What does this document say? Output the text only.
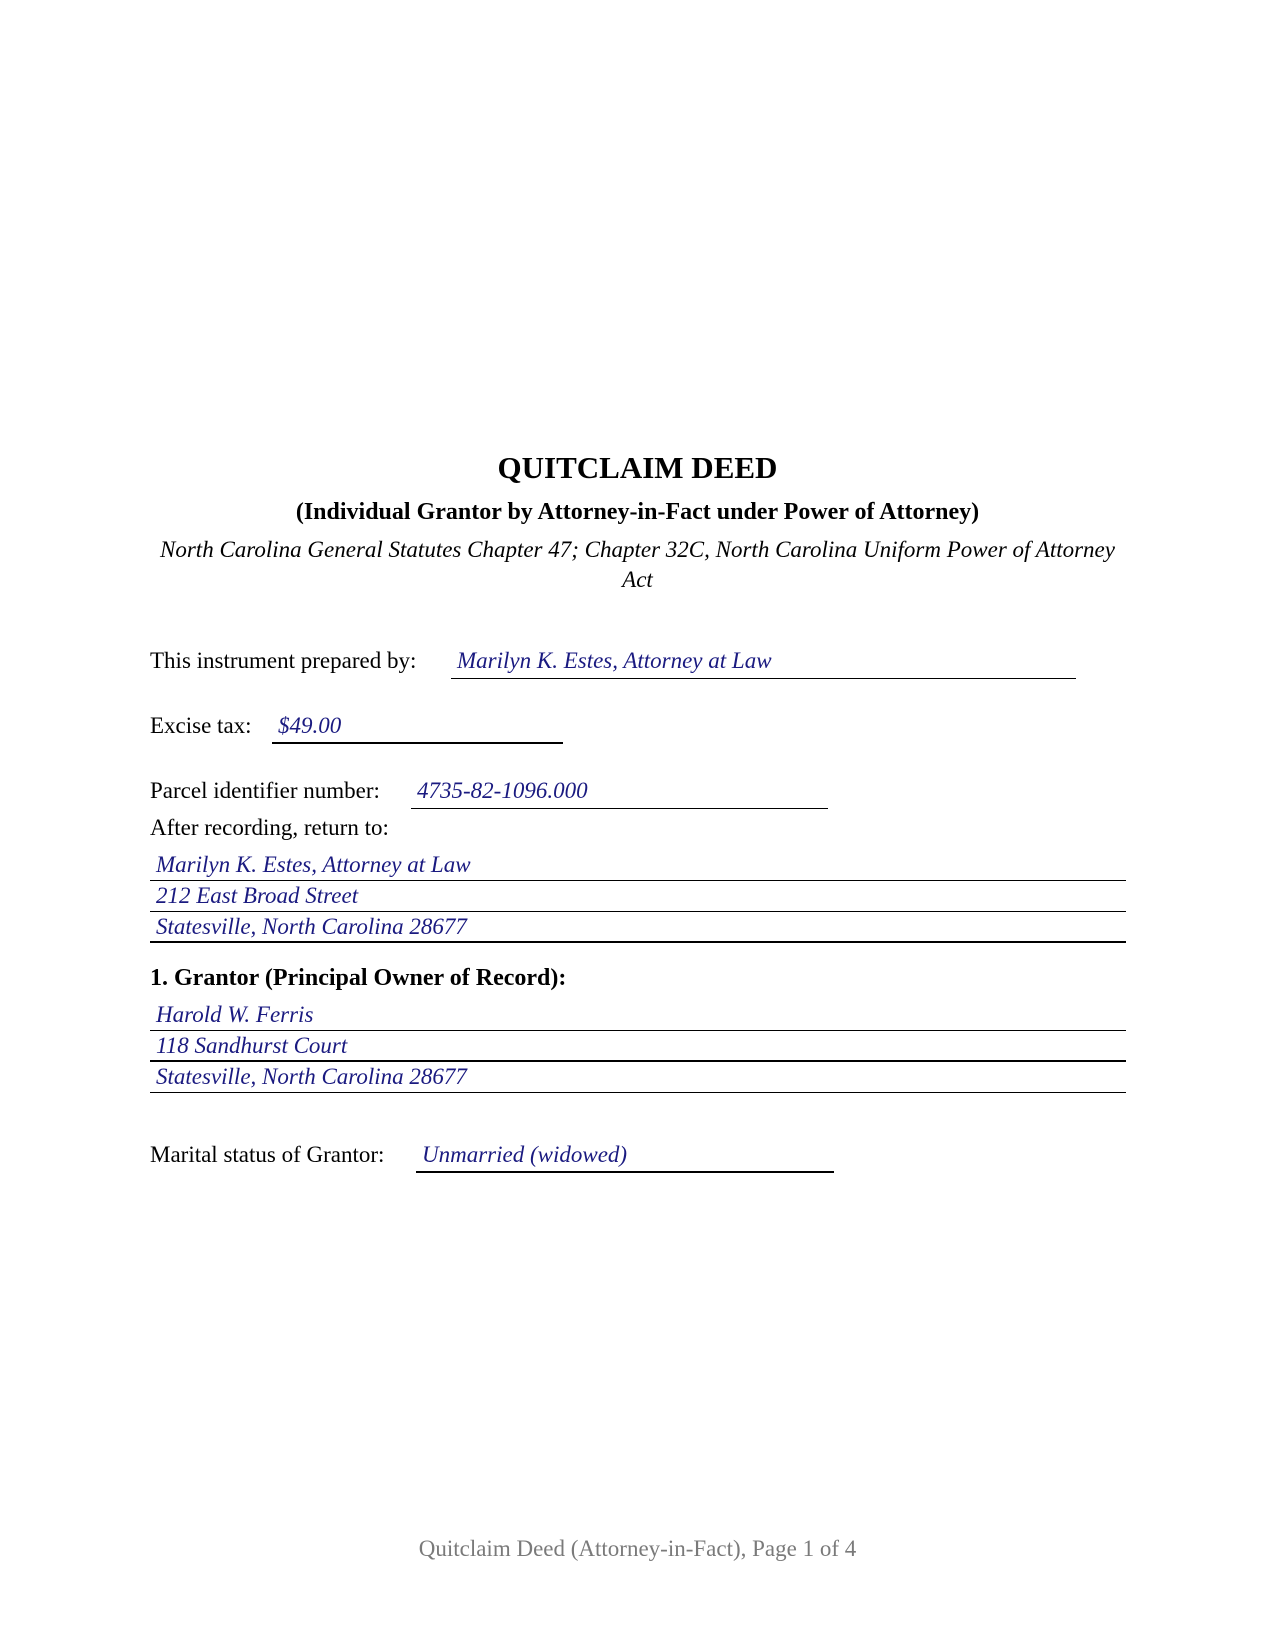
QUITCLAIM DEED
(Individual Grantor by Attorney-in-Fact under Power of Attorney)
North Carolina General Statutes Chapter 47; Chapter 32C, North Carolina Uniform Power of Attorney Act
This instrument prepared by: Marilyn K. Estes, Attorney at Law
Excise tax: $49.00
Parcel identifier number: 4735-82-1096.000
After recording, return to:
Marilyn K. Estes, Attorney at Law
212 East Broad Street
Statesville, North Carolina 28677
1. Grantor (Principal Owner of Record):
Harold W. Ferris
118 Sandhurst Court
Statesville, North Carolina 28677
Marital status of Grantor: Unmarried (widowed)
Quitclaim Deed (Attorney-in-Fact), Page 1 of 4
